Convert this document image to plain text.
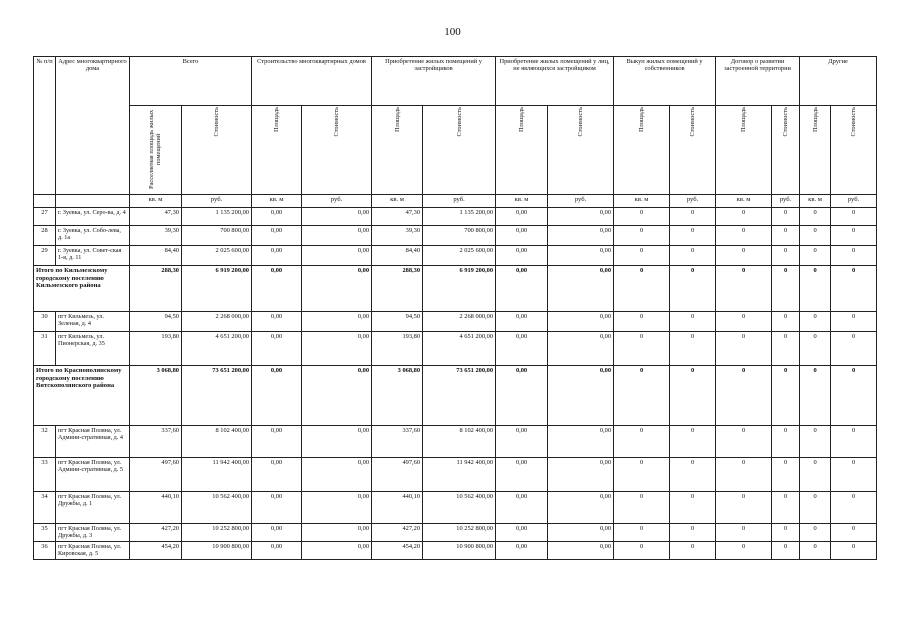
100
№ п/п	Адрес многоквартирного дома	Всего		Строительство многоквартирных домов		Приобретение жилых помещений у застройщиков		Приобретение жилых помещений у лиц, не являющихся застройщиком		Выкуп жилых помещений у собственников		Договор о развитии застроенной территории		Другие	

		Расселяемая площадь жилых помещений	Стоимость	Площадь	Стоимость	Площадь	Стоимость	Площадь	Стоимость	Площадь	Стоимость	Площадь	Стоимость	Площадь	Стоимость

		кв. м	руб.	кв. м	руб.	кв. м	руб.	кв. м	руб.	кв. м	руб.	кв. м	руб.	кв. м	руб.
27	г. Зуевка, ул. Серо-ва, д. 4	47,30	1 135 200,00	0,00	0,00	47,30	1 135 200,00	0,00	0,00	0	0	0	0	0	0
28	г. Зуевка, ул. Собо-лева, д. 1а	39,30	700 800,00	0,00	0,00	39,30	700 800,00	0,00	0,00	0	0	0	0	0	0
29	г. Зуевка, ул. Совет-ская 1-я, д. 11	84,40	2 025 600,00	0,00	0,00	84,40	2 025 600,00	0,00	0,00	0	0	0	0	0	0
Итого по Кильмезскому городскому поселению Кильмезского района		288,30	6 919 200,00	0,00	0,00	288,30	6 919 200,00	0,00	0,00	0	0	0	0	0	0
30	пгт Кильмезь, ул. Зеленая, д. 4	94,50	2 268 000,00	0,00	0,00	94,50	2 268 000,00	0,00	0,00	0	0	0	0	0	0
31	пгт Кильмезь, ул. Пионерская, д. 35	193,80	4 651 200,00	0,00	0,00	193,80	4 651 200,00	0,00	0,00	0	0	0	0	0	0
Итого по Краснополянскому городскому поселению Вятскополянского района		3 068,80	73 651 200,00	0,00	0,00	3 068,80	73 651 200,00	0,00	0,00	0	0	0	0	0	0
32	пгт Красная Поляна, ул. Админи-стративная, д. 4	337,60	8 102 400,00	0,00	0,00	337,60	8 102 400,00	0,00	0,00	0	0	0	0	0	0
33	пгт Красная Поляна, ул. Админи-стративная, д. 5	497,60	11 942 400,00	0,00	0,00	497,60	11 942 400,00	0,00	0,00	0	0	0	0	0	0
34	пгт Красная Поляна, ул. Дружбы, д. 1	440,10	10 562 400,00	0,00	0,00	440,10	10 562 400,00	0,00	0,00	0	0	0	0	0	0
35	пгт Красная Поляна, ул. Дружбы, д. 3	427,20	10 252 800,00	0,00	0,00	427,20	10 252 800,00	0,00	0,00	0	0	0	0	0	0
36	пгт Красная Поляна, ул. Кировская, д. 5	454,20	10 900 800,00	0,00	0,00	454,20	10 900 800,00	0,00	0,00	0	0	0	0	0	0
